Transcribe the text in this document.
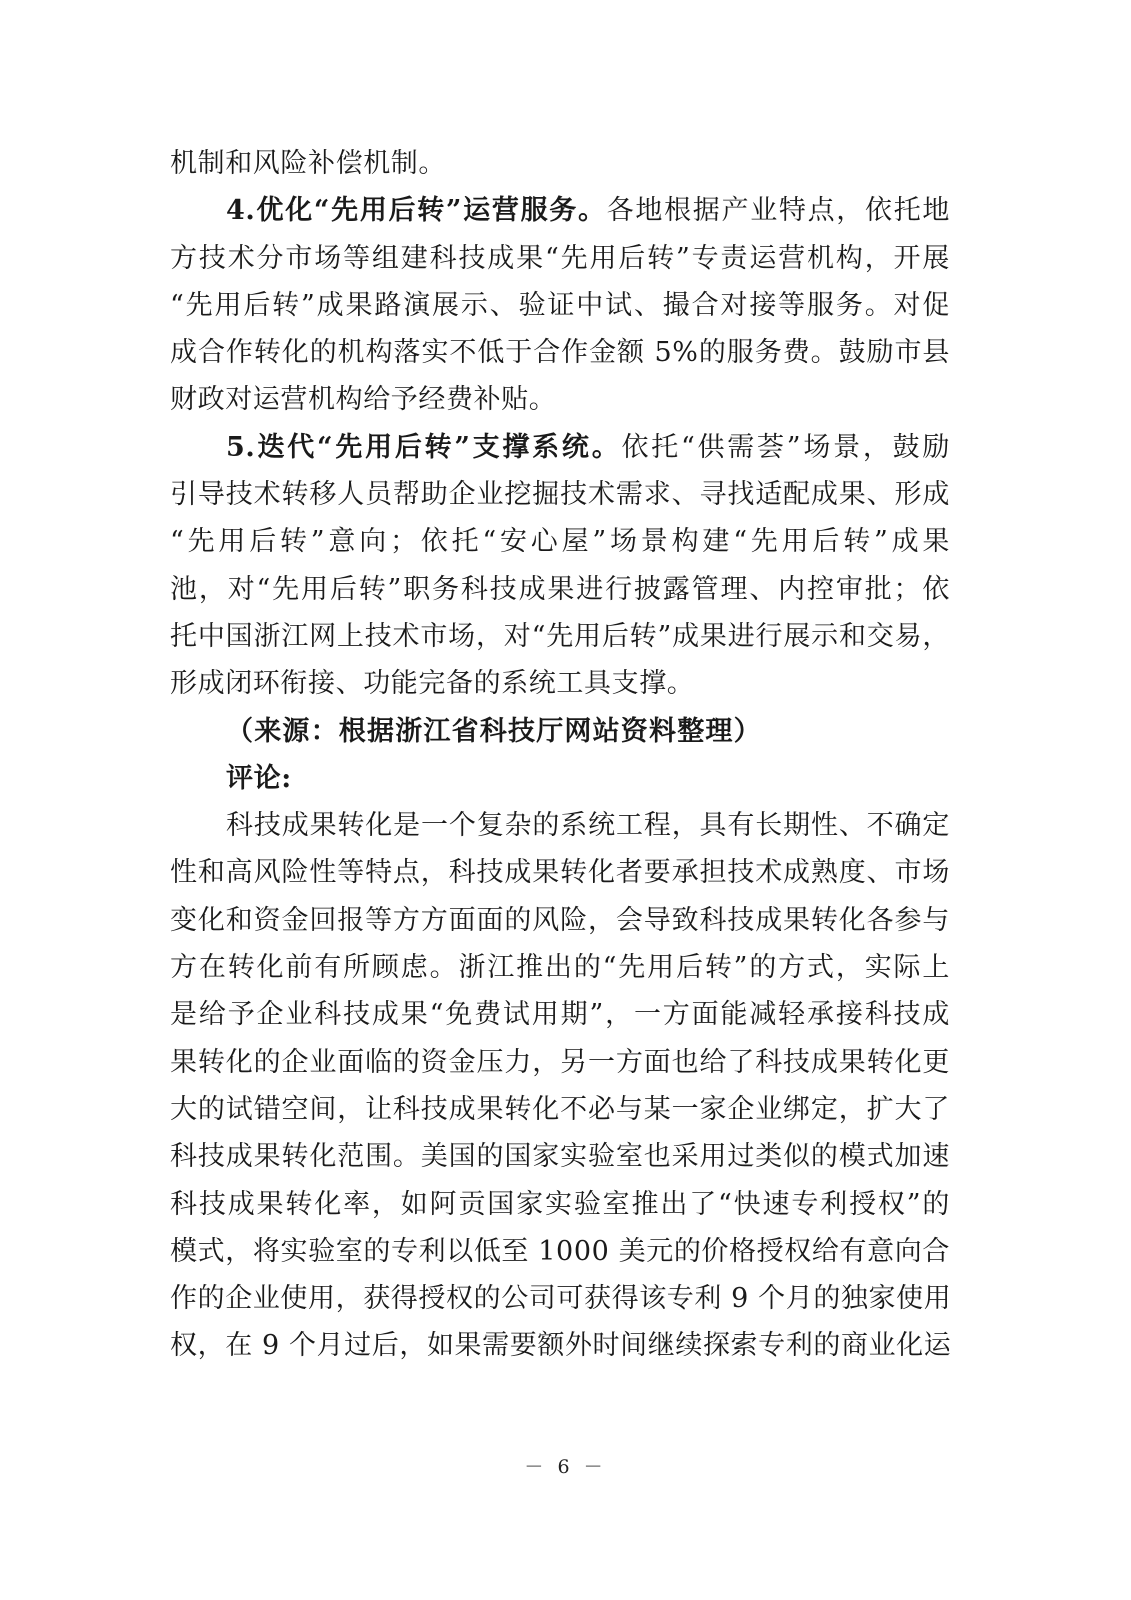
机制和风险补偿机制。
4.优化“先用后转”运营服务。各地根据产业特点，依托地
方技术分市场等组建科技成果“先用后转”专责运营机构，开展
“先用后转”成果路演展示、验证中试、撮合对接等服务。对促
成合作转化的机构落实不低于合作金额 5%的服务费。鼓励市县
财政对运营机构给予经费补贴。
5.迭代“先用后转”支撑系统。依托“供需荟”场景，鼓励
引导技术转移人员帮助企业挖掘技术需求、寻找适配成果、形成
“先用后转”意向；依托“安心屋”场景构建“先用后转”成果
池，对“先用后转”职务科技成果进行披露管理、内控审批；依
托中国浙江网上技术市场，对“先用后转”成果进行展示和交易，
形成闭环衔接、功能完备的系统工具支撑。
（来源：根据浙江省科技厅网站资料整理）
评论:
科技成果转化是一个复杂的系统工程，具有长期性、不确定
性和高风险性等特点，科技成果转化者要承担技术成熟度、市场
变化和资金回报等方方面面的风险，会导致科技成果转化各参与
方在转化前有所顾虑。浙江推出的“先用后转”的方式，实际上
是给予企业科技成果“免费试用期”，一方面能减轻承接科技成
果转化的企业面临的资金压力，另一方面也给了科技成果转化更
大的试错空间，让科技成果转化不必与某一家企业绑定，扩大了
科技成果转化范围。美国的国家实验室也采用过类似的模式加速
科技成果转化率，如阿贡国家实验室推出了“快速专利授权”的
模式，将实验室的专利以低至 1000 美元的价格授权给有意向合
作的企业使用，获得授权的公司可获得该专利 9 个月的独家使用
权，在 9 个月过后，如果需要额外时间继续探索专利的商业化运
－ 6 －
